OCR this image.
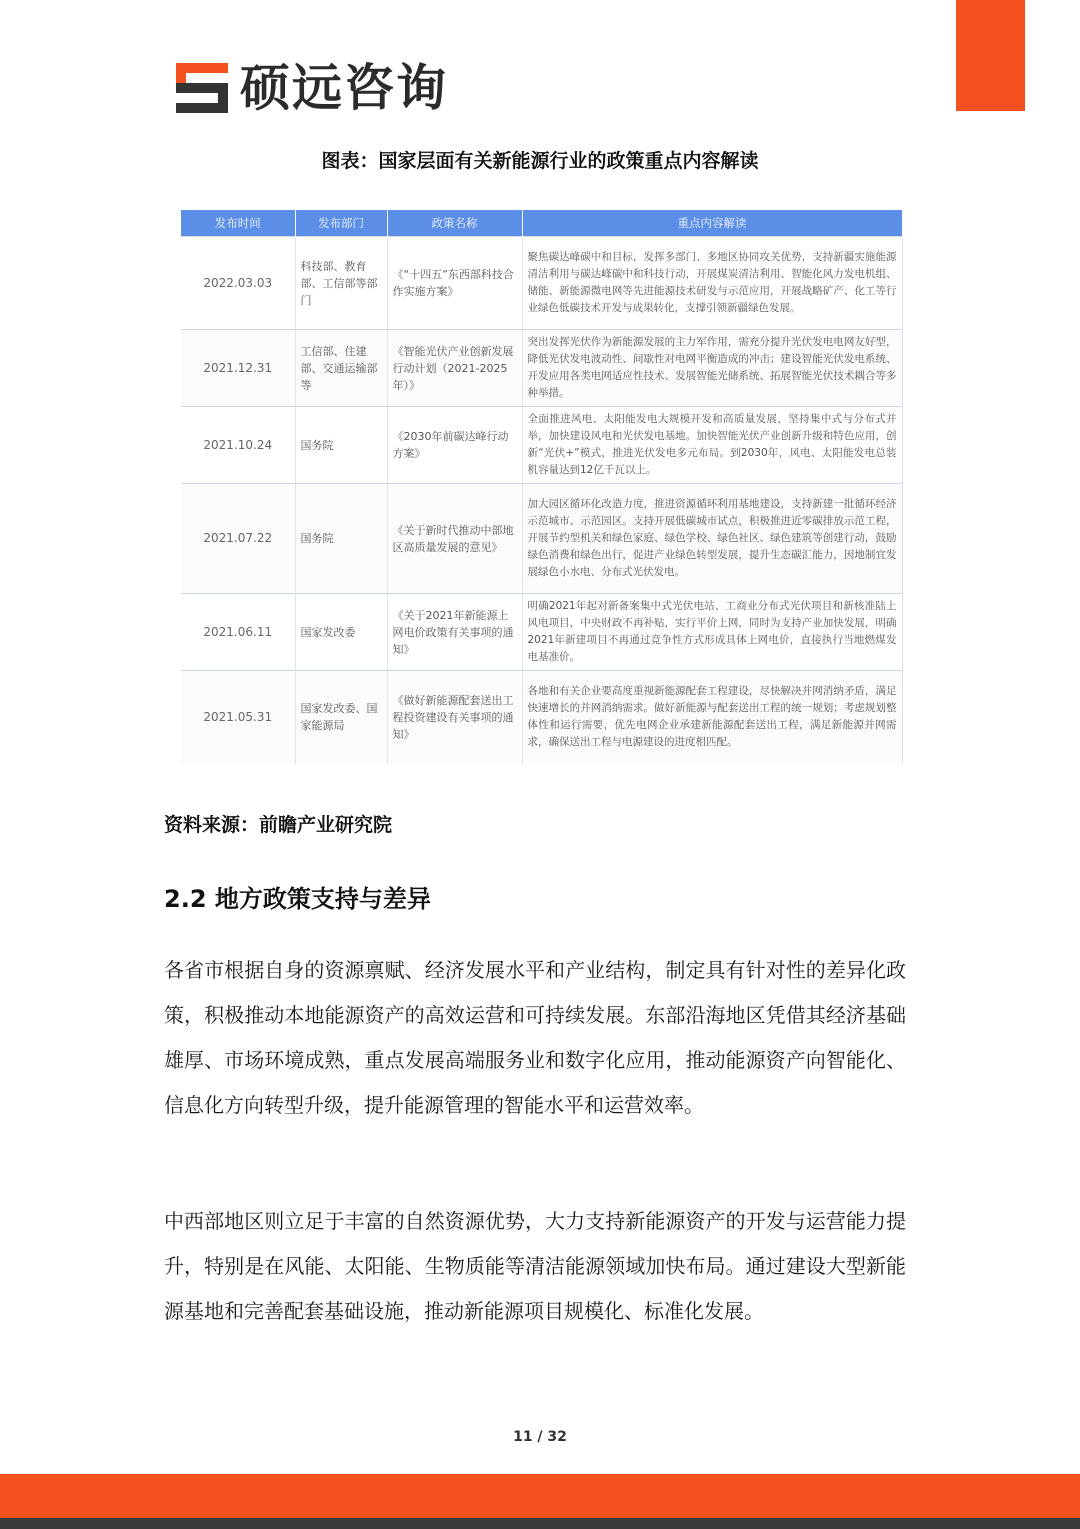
硕远咨询
图表：国家层面有关新能源行业的政策重点内容解读
发布时间	发布部门	政策名称	重点内容解读
2022.03.03	科技部、教育部、工信部等部门	《“十四五”东西部科技合作实施方案》	聚焦碳达峰碳中和目标，发挥多部门、多地区协同攻关优势，支持新疆实施能源清洁利用与碳达峰碳中和科技行动，开展煤炭清洁利用、智能化风力发电机组、储能、新能源微电网等先进能源技术研发与示范应用，开展战略矿产、化工等行业绿色低碳技术开发与成果转化，支撑引领新疆绿色发展。
2021.12.31	工信部、住建部、交通运输部等	《智能光伏产业创新发展行动计划（2021-2025年）》	突出发挥光伏作为新能源发展的主力军作用，需充分提升光伏发电电网友好型，降低光伏发电波动性、间歇性对电网平衡造成的冲击；建设智能光伏发电系统、开发应用各类电网适应性技术、发展智能光储系统、拓展智能光伏技术耦合等多种举措。
2021.10.24	国务院	《2030年前碳达峰行动方案》	全面推进风电、太阳能发电大规模开发和高质量发展，坚持集中式与分布式并举，加快建设风电和光伏发电基地。加快智能光伏产业创新升级和特色应用，创新“光伏+”模式，推进光伏发电多元布局。到2030年，风电、太阳能发电总装机容量达到12亿千瓦以上。
2021.07.22	国务院	《关于新时代推动中部地区高质量发展的意见》	加大园区循环化改造力度，推进资源循环利用基地建设，支持新建一批循环经济示范城市、示范园区。支持开展低碳城市试点，积极推进近零碳排放示范工程，开展节约型机关和绿色家庭、绿色学校、绿色社区、绿色建筑等创建行动，鼓励绿色消费和绿色出行，促进产业绿色转型发展，提升生态碳汇能力，因地制宜发展绿色小水电、分布式光伏发电。
2021.06.11	国家发改委	《关于2021年新能源上网电价政策有关事项的通知》	明确2021年起对新备案集中式光伏电站、工商业分布式光伏项目和新核准陆上风电项目，中央财政不再补贴，实行平价上网，同时为支持产业加快发展，明确2021年新建项目不再通过竞争性方式形成具体上网电价，直接执行当地燃煤发电基准价。
2021.05.31	国家发改委、国家能源局	《做好新能源配套送出工程投资建设有关事项的通知》	各地和有关企业要高度重视新能源配套工程建设，尽快解决并网消纳矛盾，满足快速增长的并网消纳需求。做好新能源与配套送出工程的统一规划；考虑规划整体性和运行需要，优先电网企业承建新能源配套送出工程，满足新能源并网需求，确保送出工程与电源建设的进度相匹配。
资料来源：前瞻产业研究院
2.2 地方政策支持与差异

各省市根据自身的资源禀赋、经济发展水平和产业结构，制定具有针对性的差异化政策，积极推动本地能源资产的高效运营和可持续发展。东部沿海地区凭借其经济基础雄厚、市场环境成熟，重点发展高端服务业和数字化应用，推动能源资产向智能化、信息化方向转型升级，提升能源管理的智能水平和运营效率。

中西部地区则立足于丰富的自然资源优势，大力支持新能源资产的开发与运营能力提升，特别是在风能、太阳能、生物质能等清洁能源领域加快布局。通过建设大型新能源基地和完善配套基础设施，推动新能源项目规模化、标准化发展。

11 / 32
